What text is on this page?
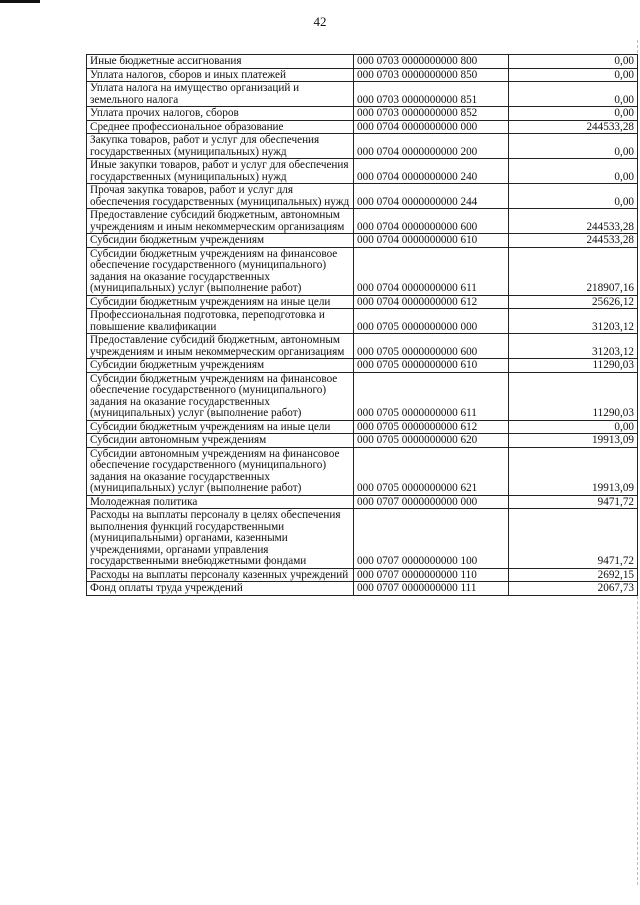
42
Иные бюджетные ассигнования	000 0703 0000000000 800	0,00
Уплата налогов, сборов и иных платежей	000 0703 0000000000 850	0,00
Уплата налога на имущество организаций и земельного налога	000 0703 0000000000 851	0,00
Уплата прочих налогов, сборов	000 0703 0000000000 852	0,00
Среднее профессиональное образование	000 0704 0000000000 000	244533,28
Закупка товаров, работ и услуг для обеспечения государственных (муниципальных) нужд	000 0704 0000000000 200	0,00
Иные закупки товаров, работ и услуг для обеспечения государственных (муниципальных) нужд	000 0704 0000000000 240	0,00
Прочая закупка товаров, работ и услуг для обеспечения государственных (муниципальных) нужд	000 0704 0000000000 244	0,00
Предоставление субсидий бюджетным, автономным учреждениям и иным некоммерческим организациям	000 0704 0000000000 600	244533,28
Субсидии бюджетным учреждениям	000 0704 0000000000 610	244533,28
Субсидии бюджетным учреждениям на финансовое обеспечение государственного (муниципального) задания на оказание государственных (муниципальных) услуг (выполнение работ)	000 0704 0000000000 611	218907,16
Субсидии бюджетным учреждениям на иные цели	000 0704 0000000000 612	25626,12
Профессиональная подготовка, переподготовка и повышение квалификации	000 0705 0000000000 000	31203,12
Предоставление субсидий бюджетным, автономным учреждениям и иным некоммерческим организациям	000 0705 0000000000 600	31203,12
Субсидии бюджетным учреждениям	000 0705 0000000000 610	11290,03
Субсидии бюджетным учреждениям на финансовое обеспечение государственного (муниципального) задания на оказание государственных (муниципальных) услуг (выполнение работ)	000 0705 0000000000 611	11290,03
Субсидии бюджетным учреждениям на иные цели	000 0705 0000000000 612	0,00
Субсидии автономным учреждениям	000 0705 0000000000 620	19913,09
Субсидии автономным учреждениям на финансовое обеспечение государственного (муниципального) задания на оказание государственных (муниципальных) услуг (выполнение работ)	000 0705 0000000000 621	19913,09
Молодежная политика	000 0707 0000000000 000	9471,72
Расходы на выплаты персоналу в целях обеспечения выполнения функций государственными (муниципальными) органами, казенными учреждениями, органами управления государственными внебюджетными фондами	000 0707 0000000000 100	9471,72
Расходы на выплаты персоналу казенных учреждений	000 0707 0000000000 110	2692,15
Фонд оплаты труда учреждений	000 0707 0000000000 111	2067,73
